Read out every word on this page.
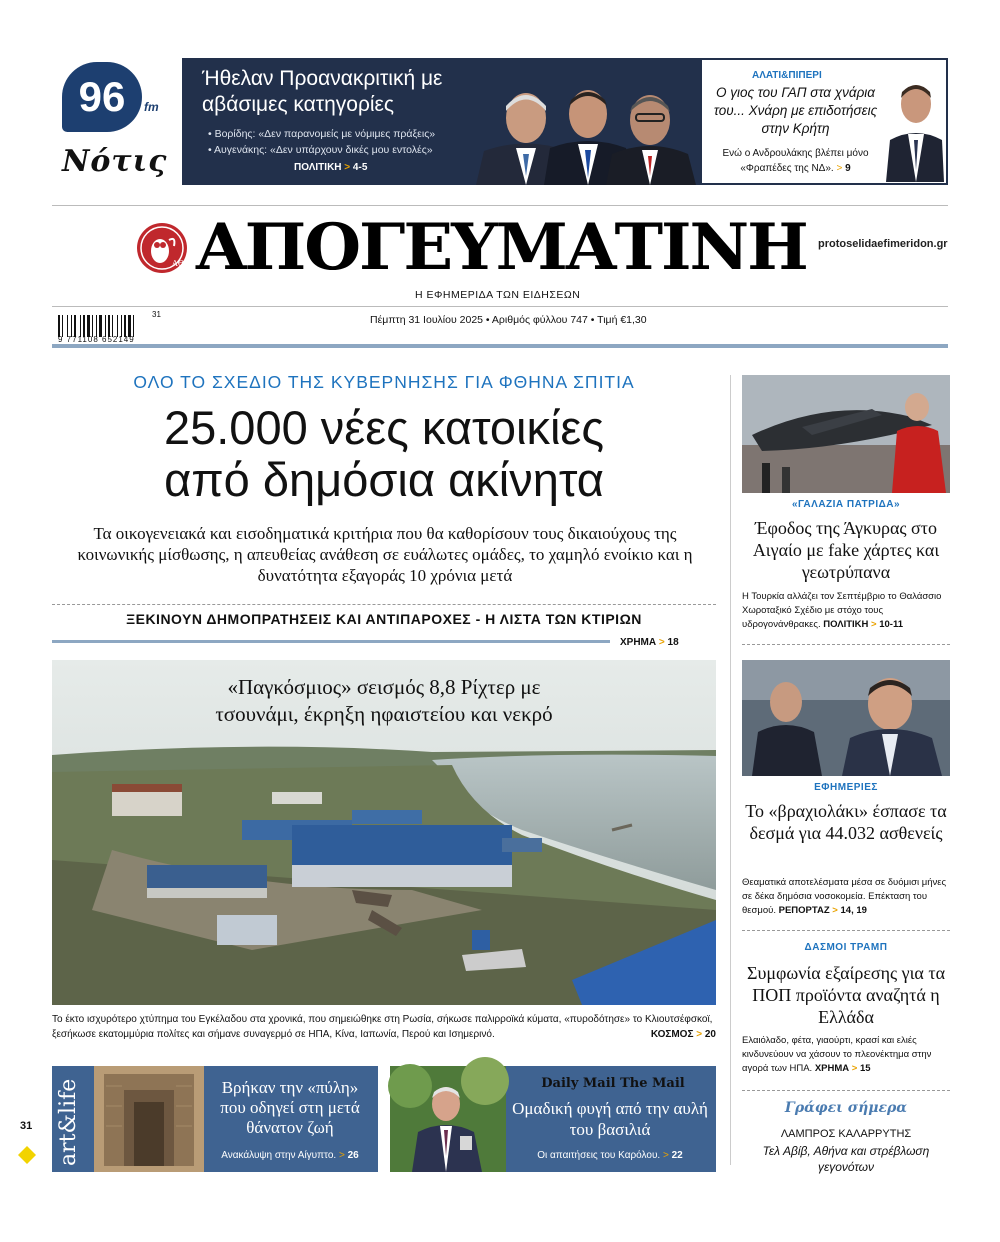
96	fm
Nότις
Ήθελαν Προανακριτική με αβάσιμες κατηγορίες
• Βορίδης: «Δεν παρανομείς με νόμιμες πράξεις»
• Αυγενάκης: «Δεν υπάρχουν δικές μου εντολές»
ΠΟΛΙΤΙΚΗ > 4-5
ΑΛΑΤΙ&ΠΙΠΕΡΙ
Ο γιος του ΓΑΠ στα χνάρια του... Χνάρη με επιδοτήσεις στην Κρήτη
Ενώ ο Ανδρουλάκης βλέπει μόνο «Φραπέδες της ΝΔ». > 9
ΑΘΕ ΑΠΟΓΕΥΜΑΤΙΝΗ protoselidaefimeridon.gr
Η ΕΦΗΜΕΡΙΔΑ ΤΩΝ ΕΙΔΗΣΕΩΝ
9 771108 652149
31	Πέμπτη 31 Ιουλίου 2025 • Αριθμός φύλλου 747 • Τιμή €1,30
ΟΛΟ ΤΟ ΣΧΕΔΙΟ ΤΗΣ ΚΥΒΕΡΝΗΣΗΣ ΓΙΑ ΦΘΗΝΑ ΣΠΙΤΙΑ
25.000 νέες κατοικίες
από δημόσια ακίνητα
Τα οικογενειακά και εισοδηματικά κριτήρια που θα καθορίσουν τους δικαιούχους της κοινωνικής μίσθωσης, η απευθείας ανάθεση σε ευάλωτες ομάδες, το χαμηλό ενοίκιο και η δυνατότητα εξαγοράς 10 χρόνια μετά
ΞΕΚΙΝΟΥΝ ΔΗΜΟΠΡΑΤΗΣΕΙΣ ΚΑΙ ΑΝΤΙΠΑΡΟΧΕΣ - Η ΛΙΣΤΑ ΤΩΝ ΚΤΙΡΙΩΝ
ΧΡΗΜΑ > 18
«Παγκόσμιος» σεισμός 8,8 Ρίχτερ με
τσουνάμι, έκρηξη ηφαιστείου και νεκρό
Το έκτο ισχυρότερο χτύπημα του Εγκέλαδου στα χρονικά, που σημειώθηκε στη Ρωσία, σήκωσε παλιρροϊκά κύματα, «πυροδότησε» το Κλιουτσέφσκοϊ, ξεσήκωσε εκατομμύρια πολίτες και σήμανε συναγερμό σε ΗΠΑ, Κίνα, Ιαπωνία, Περού και Ισημερινό.	ΚΟΣΜΟΣ > 20
art&life	Βρήκαν την «πύλη» που οδηγεί στη μετά θάνατον ζωή
Ανακάλυψη στην Αίγυπτο. > 26
Daily Mail The Mail
Ομαδική φυγή από την αυλή του βασιλιά
Οι απαιτήσεις του Καρόλου. > 22
31
«ΓΑΛΑΖΙΑ ΠΑΤΡΙΔΑ»
Έφοδος της Άγκυρας στο Αιγαίο με fake χάρτες και γεωτρύπανα
Η Τουρκία αλλάζει τον Σεπτέμβριο το Θαλάσσιο Χωροταξικό Σχέδιο με στόχο τους υδρογονάνθρακες. ΠΟΛΙΤΙΚΗ > 10-11
ΕΦΗΜΕΡΙΕΣ
Το «βραχιολάκι» έσπασε τα δεσμά για 44.032 ασθενείς
Θεαματικά αποτελέσματα μέσα σε δυόμισι μήνες σε δέκα δημόσια νοσοκομεία. Επέκταση του θεσμού. ΡΕΠΟΡΤΑΖ > 14, 19
ΔΑΣΜΟΙ ΤΡΑΜΠ
Συμφωνία εξαίρεσης για τα ΠΟΠ προϊόντα αναζητά η Ελλάδα
Ελαιόλαδο, φέτα, γιαούρτι, κρασί και ελιές κινδυνεύουν να χάσουν το πλεονέκτημα στην αγορά των ΗΠΑ. ΧΡΗΜΑ > 15
Γράφει σήμερα
ΛΑΜΠΡΟΣ ΚΑΛΑΡΡΥΤΗΣ
Τελ Αβίβ, Αθήνα και στρέβλωση γεγονότων
